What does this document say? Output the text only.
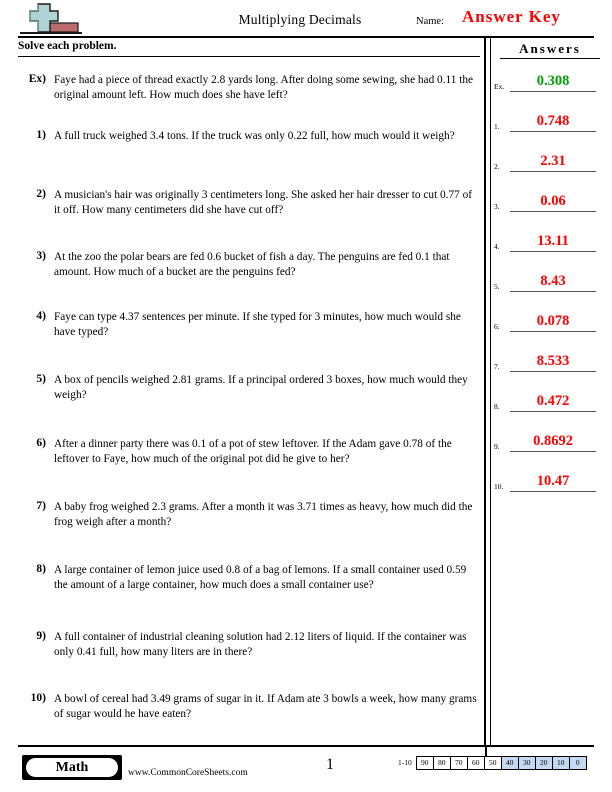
Multiplying Decimals	Name: Answer Key
Solve each problem.
Ex) Faye had a piece of thread exactly 2.8 yards long. After doing some sewing, she had 0.11 the original amount left. How much does she have left?
1) A full truck weighed 3.4 tons. If the truck was only 0.22 full, how much would it weigh?
2) A musician's hair was originally 3 centimeters long. She asked her hair dresser to cut 0.77 of it off. How many centimeters did she have cut off?
3) At the zoo the polar bears are fed 0.6 bucket of fish a day. The penguins are fed 0.1 that amount. How much of a bucket are the penguins fed?
4) Faye can type 4.37 sentences per minute. If she typed for 3 minutes, how much would she have typed?
5) A box of pencils weighed 2.81 grams. If a principal ordered 3 boxes, how much would they weigh?
6) After a dinner party there was 0.1 of a pot of stew leftover. If the Adam gave 0.78 of the leftover to Faye, how much of the original pot did he give to her?
7) A baby frog weighed 2.3 grams. After a month it was 3.71 times as heavy, how much did the frog weigh after a month?
8) A large container of lemon juice used 0.8 of a bag of lemons. If a small container used 0.59 the amount of a large container, how much does a small container use?
9) A full container of industrial cleaning solution had 2.12 liters of liquid. If the container was only 0.41 full, how many liters are in there?
10) A bowl of cereal had 3.49 grams of sugar in it. If Adam ate 3 bowls a week, how many grams of sugar would he have eaten?
Answers
Ex.	0.308
1.	0.748
2.	2.31
3.	0.06
4.	13.11
5.	8.43
6.	0.078
7.	8.533
8.	0.472
9.	0.8692
10.	10.47
Math	www.CommonCoreSheets.com	1	1-10	90	80	70	60	50	40	30	20	10	0
